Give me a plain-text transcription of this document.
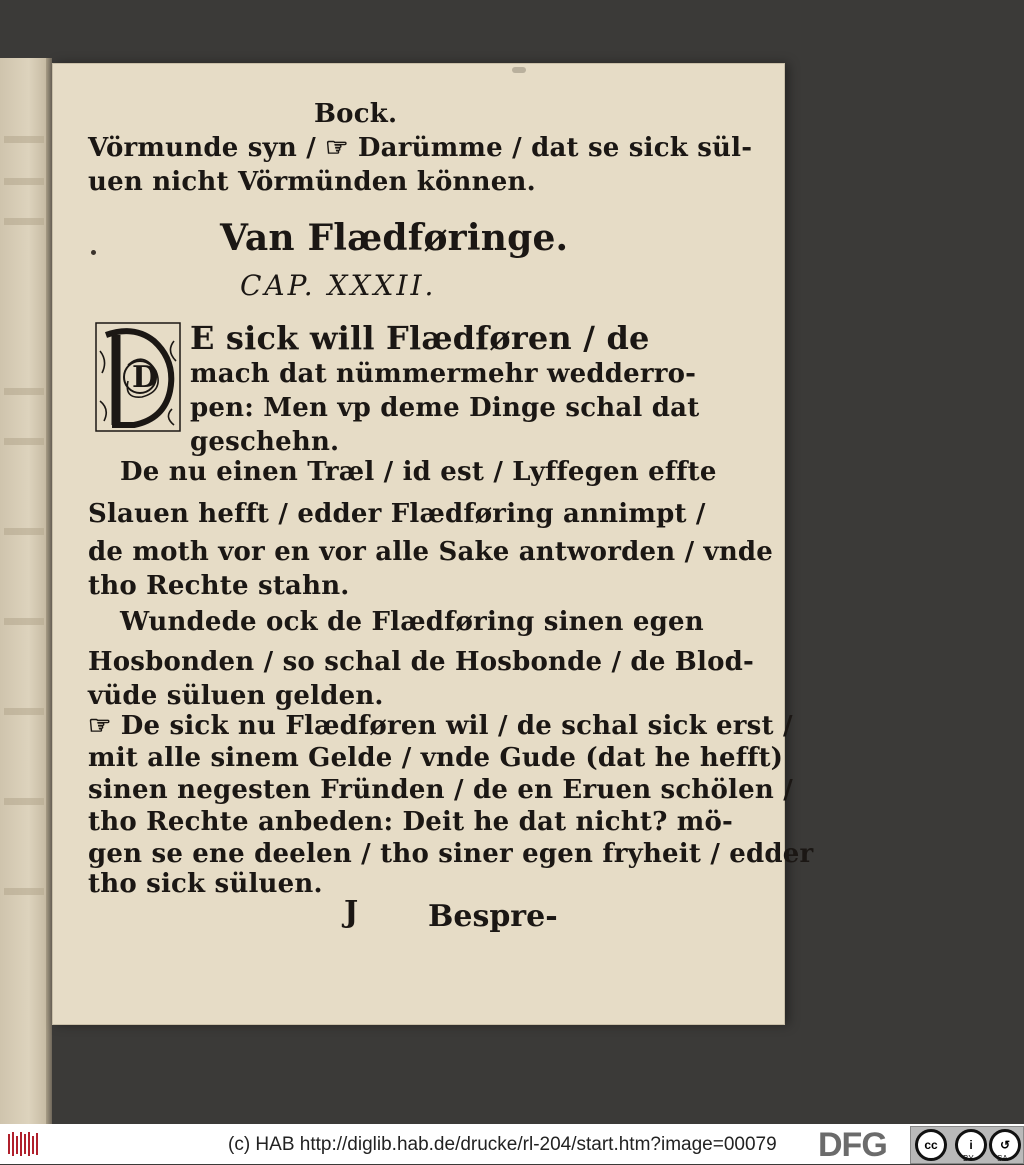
Bock.
Vörmunde syn / ☞ Darümme / dat se sick sül-
uen nicht Vörmünden können.
Van Flædføringe.
CAP. XXXII.
D
E sick will Flædføren / de
mach dat nümmermehr wedderro-
pen: Men vp deme Dinge schal dat
geschehn.
De nu einen Træl / id est / Lyffegen effte
Slauen hefft / edder Flædføring annimpt /
de moth vor en vor alle Sake antworden / vnde
tho Rechte stahn.
Wundede ock de Flædføring sinen egen
Hosbonden / so schal de Hosbonde / de Blod-
vüde süluen gelden.
☞ De sick nu Flædføren wil / de schal sick erst /
mit alle sinem Gelde / vnde Gude (dat he hefft)
sinen negesten Fründen / de en Eruen schölen /
tho Rechte anbeden: Deit he dat nicht? mö-
gen se ene deelen / tho siner egen fryheit / edder
tho sick süluen.
J Bespre-
(c) HAB http://diglib.hab.de/drucke/rl-204/start.htm?image=00079 DFG	cc	i	↺
BY	SA
